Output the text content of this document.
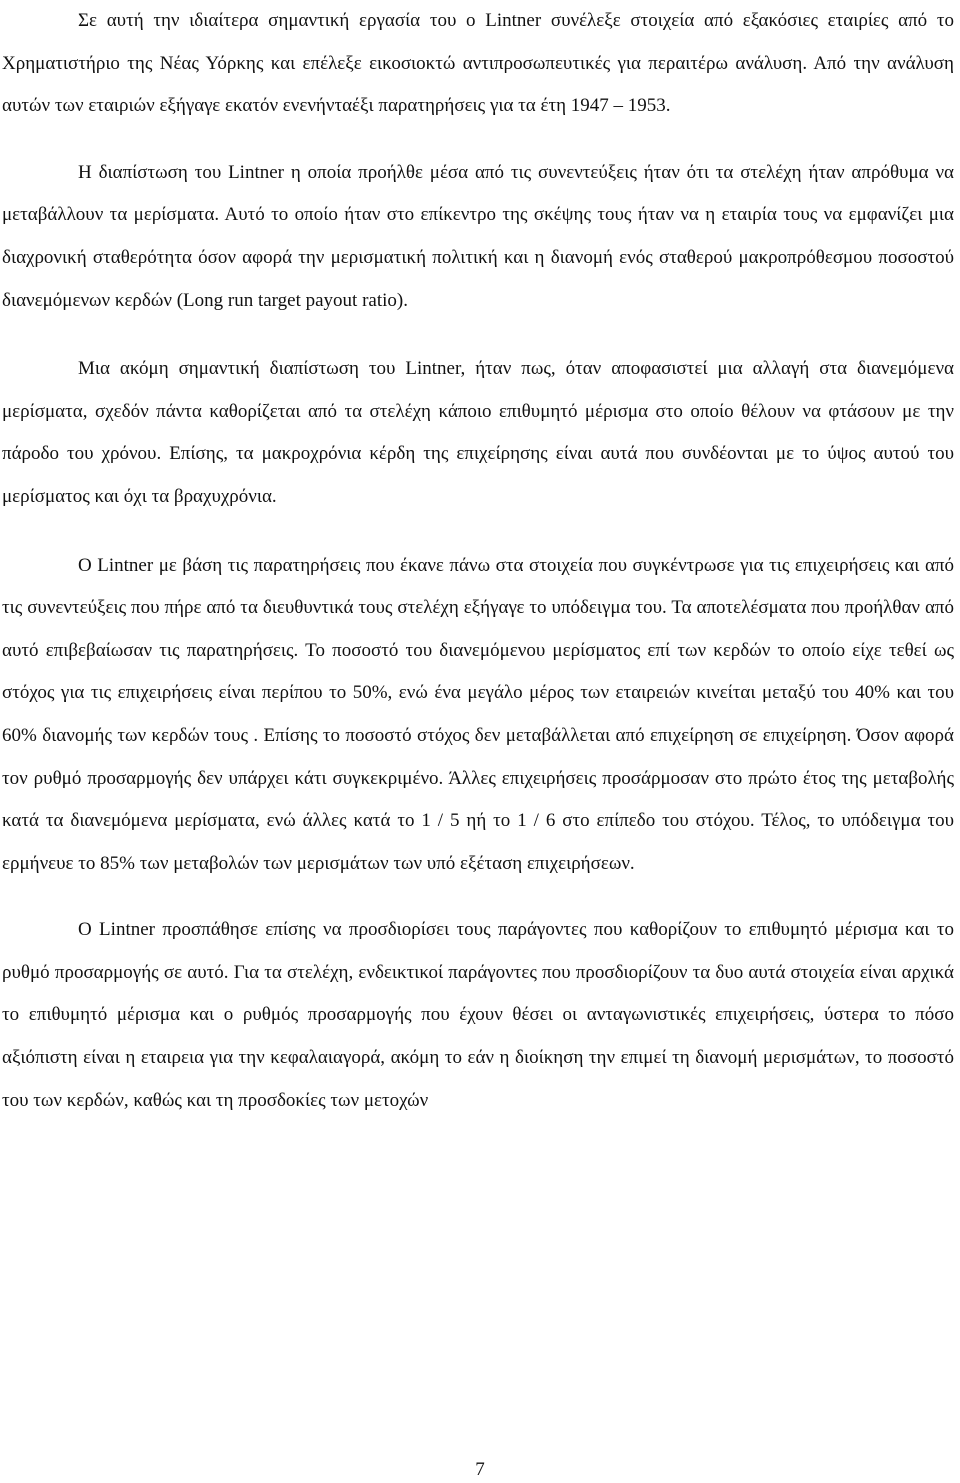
Σε αυτή την ιδιαίτερα σημαντική εργασία του ο Lintner συνέλεξε στοιχεία από εξακόσιες εταιρίες από το Χρηματιστήριο της Νέας Υόρκης και επέλεξε εικοσιοκτώ αντιπροσωπευτικές για περαιτέρω ανάλυση. Από την ανάλυση αυτών των εταιριών εξήγαγε εκατόν ενενήνταέξι παρατηρήσεις για τα έτη 1947 – 1953.

Η διαπίστωση του Lintner η οποία προήλθε μέσα από τις συνεντεύξεις ήταν ότι τα στελέχη ήταν απρόθυμα να μεταβάλλουν τα μερίσματα. Αυτό το οποίο ήταν στο επίκεντρο της σκέψης τους ήταν να η εταιρία τους να εμφανίζει μια διαχρονική σταθερότητα όσον αφορά την μερισματική πολιτική και η διανομή ενός σταθερού μακροπρόθεσμου ποσοστού διανεμόμενων κερδών (Long run target payout ratio).

Μια ακόμη σημαντική διαπίστωση του Lintner, ήταν πως, όταν αποφασιστεί μια αλλαγή στα διανεμόμενα μερίσματα, σχεδόν πάντα καθορίζεται από τα στελέχη κάποιο επιθυμητό μέρισμα στο οποίο θέλουν να φτάσουν με την πάροδο του χρόνου. Επίσης, τα μακροχρόνια κέρδη της επιχείρησης είναι αυτά που συνδέονται με το ύψος αυτού του μερίσματος και όχι τα βραχυχρόνια.

Ο Lіntner με βάση τις παρατηρήσεις που έκανε πάνω στα στοιχεία που συγκέντρωσε για τις επιχειρήσεις και από τις συνεντεύξεις που πήρε από τα διευθυντικά τους στελέχη εξήγαγε το υπόδειγμα του. Τα αποτελέσματα που προήλθαν από αυτό επιβεβαίωσαν τις παρατηρήσεις. Το ποσοστό του διανεμόμενου μερίσματος επί των κερδών το οποίο είχε τεθεί ως στόχος για τις επιχειρήσεις είναι περίπου το 50%, ενώ ένα μεγάλο μέρος των εταιρειών κινείται μεταξύ του 40% και του 60% διανομής των κερδών τους . Επίσης το ποσοστό στόχος δεν μεταβάλλεται από επιχείρηση σε επιχείρηση. Όσον αφορά τον ρυθμό προσαρμογής δεν υπάρχει κάτι συγκεκριμένο. Άλλες επιχειρήσεις προσάρμοσαν στο πρώτο έτος της μεταβολής κατά τα διανεμόμενα μερίσματα, ενώ άλλες κατά το 1 / 5 ηή το 1 / 6 στο επίπεδο του στόχου. Τέλος, το υπόδειγμα του ερμήνευε το 85% των μεταβολών των μερισμάτων των υπό εξέταση επιχειρήσεων.

Ο Lintner προσπάθησε επίσης να προσδιορίσει τους παράγοντες που καθορίζουν το επιθυμητό μέρισμα και το ρυθμό προσαρμογής σε αυτό. Για τα στελέχη, ενδεικτικοί παράγοντες που προσδιορίζουν τα δυο αυτά στοιχεία είναι αρχικά το επιθυμητό μέρισμα και ο ρυθμός προσαρμογής που έχουν θέσει οι ανταγωνιστικές επιχειρήσεις, ύστερα το πόσο αξιόπιστη είναι η εταιρεια για την κεφαλαιαγορά, ακόμη το εάν η διοίκηση την επιμεί τη διανομή μερισμάτων, το ποσοστό του των κερδών, καθώς και τη προσδοκίες των μετοχών

7
